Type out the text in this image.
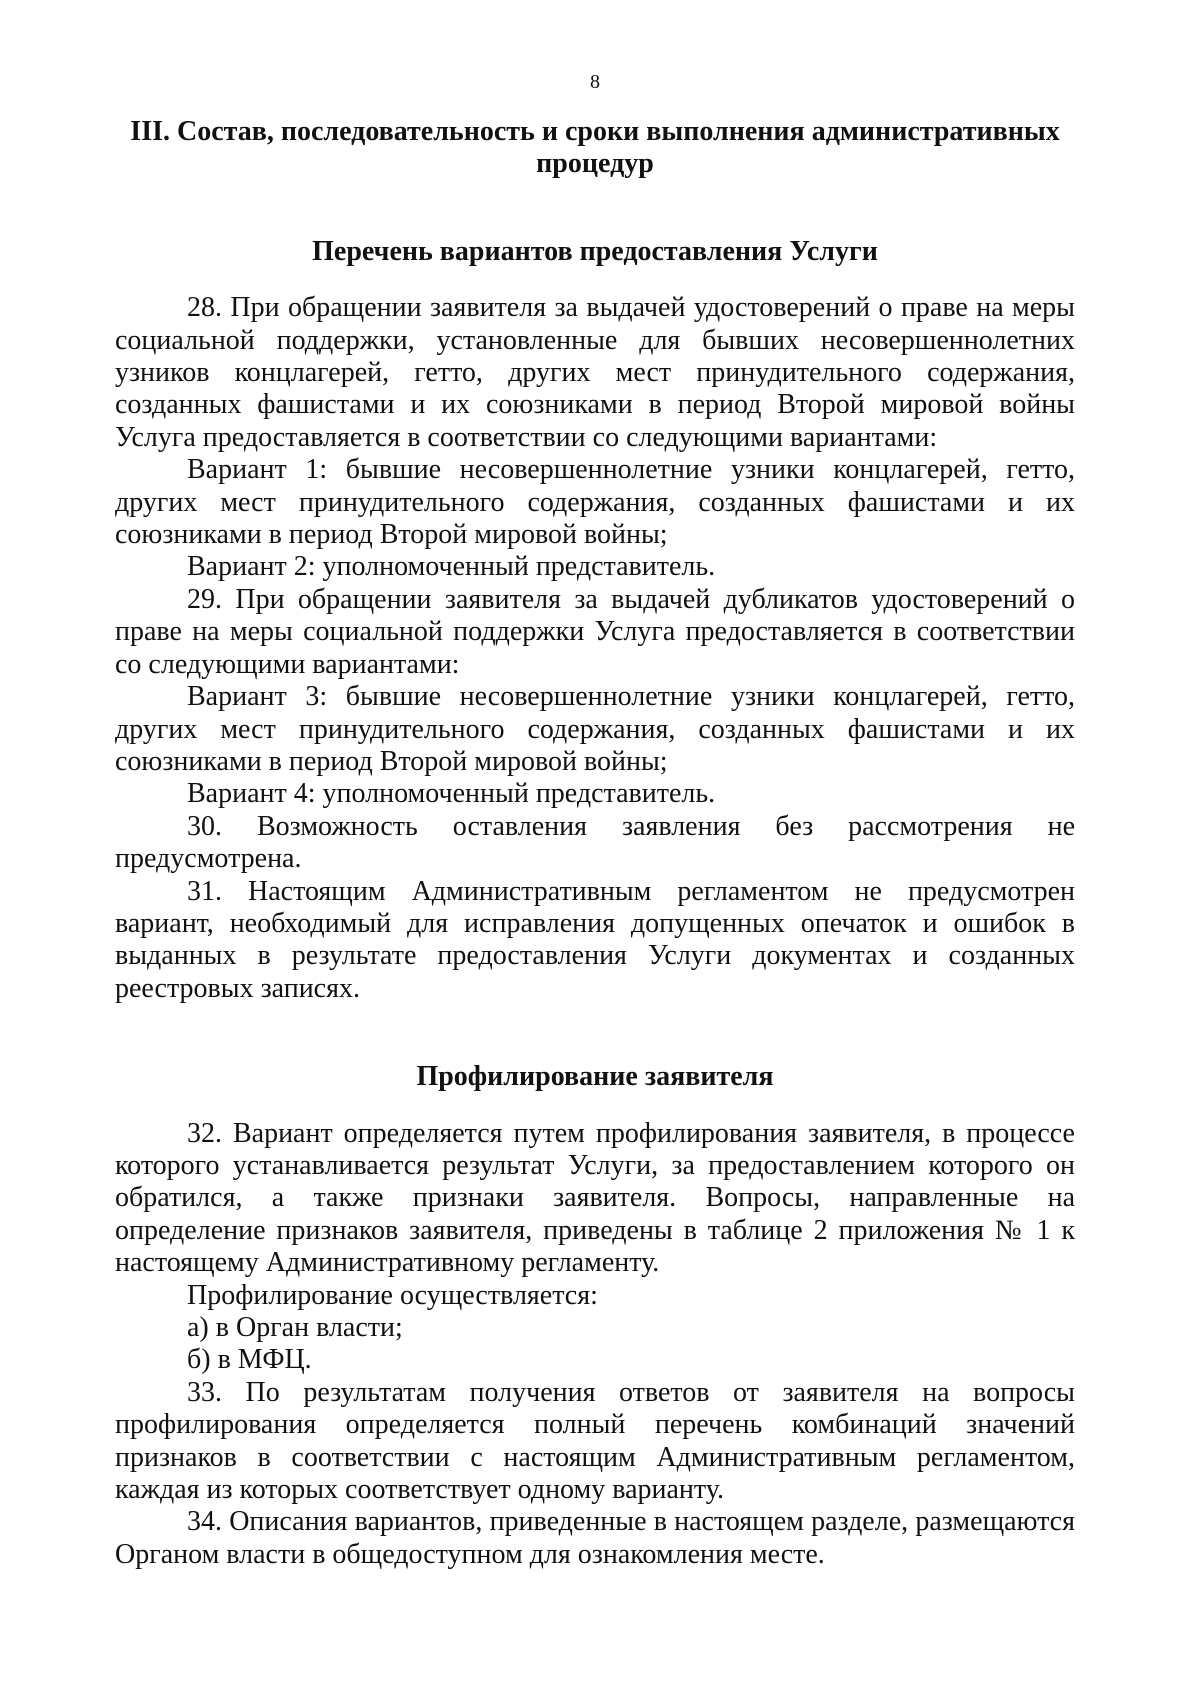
8
III. Состав, последовательность и сроки выполнения административных процедур
Перечень вариантов предоставления Услуги

28. При обращении заявителя за выдачей удостоверений о праве на меры социальной поддержки, установленные для бывших несовершеннолетних узников концлагерей, гетто, других мест принудительного содержания, созданных фашистами и их союзниками в период Второй мировой войны Услуга предоставляется в соответствии со следующими вариантами:

Вариант 1: бывшие несовершеннолетние узники концлагерей, гетто, других мест принудительного содержания, созданных фашистами и их союзниками в период Второй мировой войны;

Вариант 2: уполномоченный представитель.

29. При обращении заявителя за выдачей дубликатов удостоверений о праве на меры социальной поддержки Услуга предоставляется в соответствии со следующими вариантами:

Вариант 3: бывшие несовершеннолетние узники концлагерей, гетто, других мест принудительного содержания, созданных фашистами и их союзниками в период Второй мировой войны;

Вариант 4: уполномоченный представитель.

30. Возможность оставления заявления без рассмотрения не предусмотрена.

31. Настоящим Административным регламентом не предусмотрен вариант, необходимый для исправления допущенных опечаток и ошибок в выданных в результате предоставления Услуги документах и созданных реестровых записях.

Профилирование заявителя

32. Вариант определяется путем профилирования заявителя, в процессе которого устанавливается результат Услуги, за предоставлением которого он обратился, а также признаки заявителя. Вопросы, направленные на определение признаков заявителя, приведены в таблице 2 приложения № 1 к настоящему Административному регламенту.

Профилирование осуществляется:

а) в Орган власти;

б) в МФЦ.

33. По результатам получения ответов от заявителя на вопросы профилирования определяется полный перечень комбинаций значений признаков в соответствии с настоящим Административным регламентом, каждая из которых соответствует одному варианту.

34. Описания вариантов, приведенные в настоящем разделе, размещаются Органом власти в общедоступном для ознакомления месте.
